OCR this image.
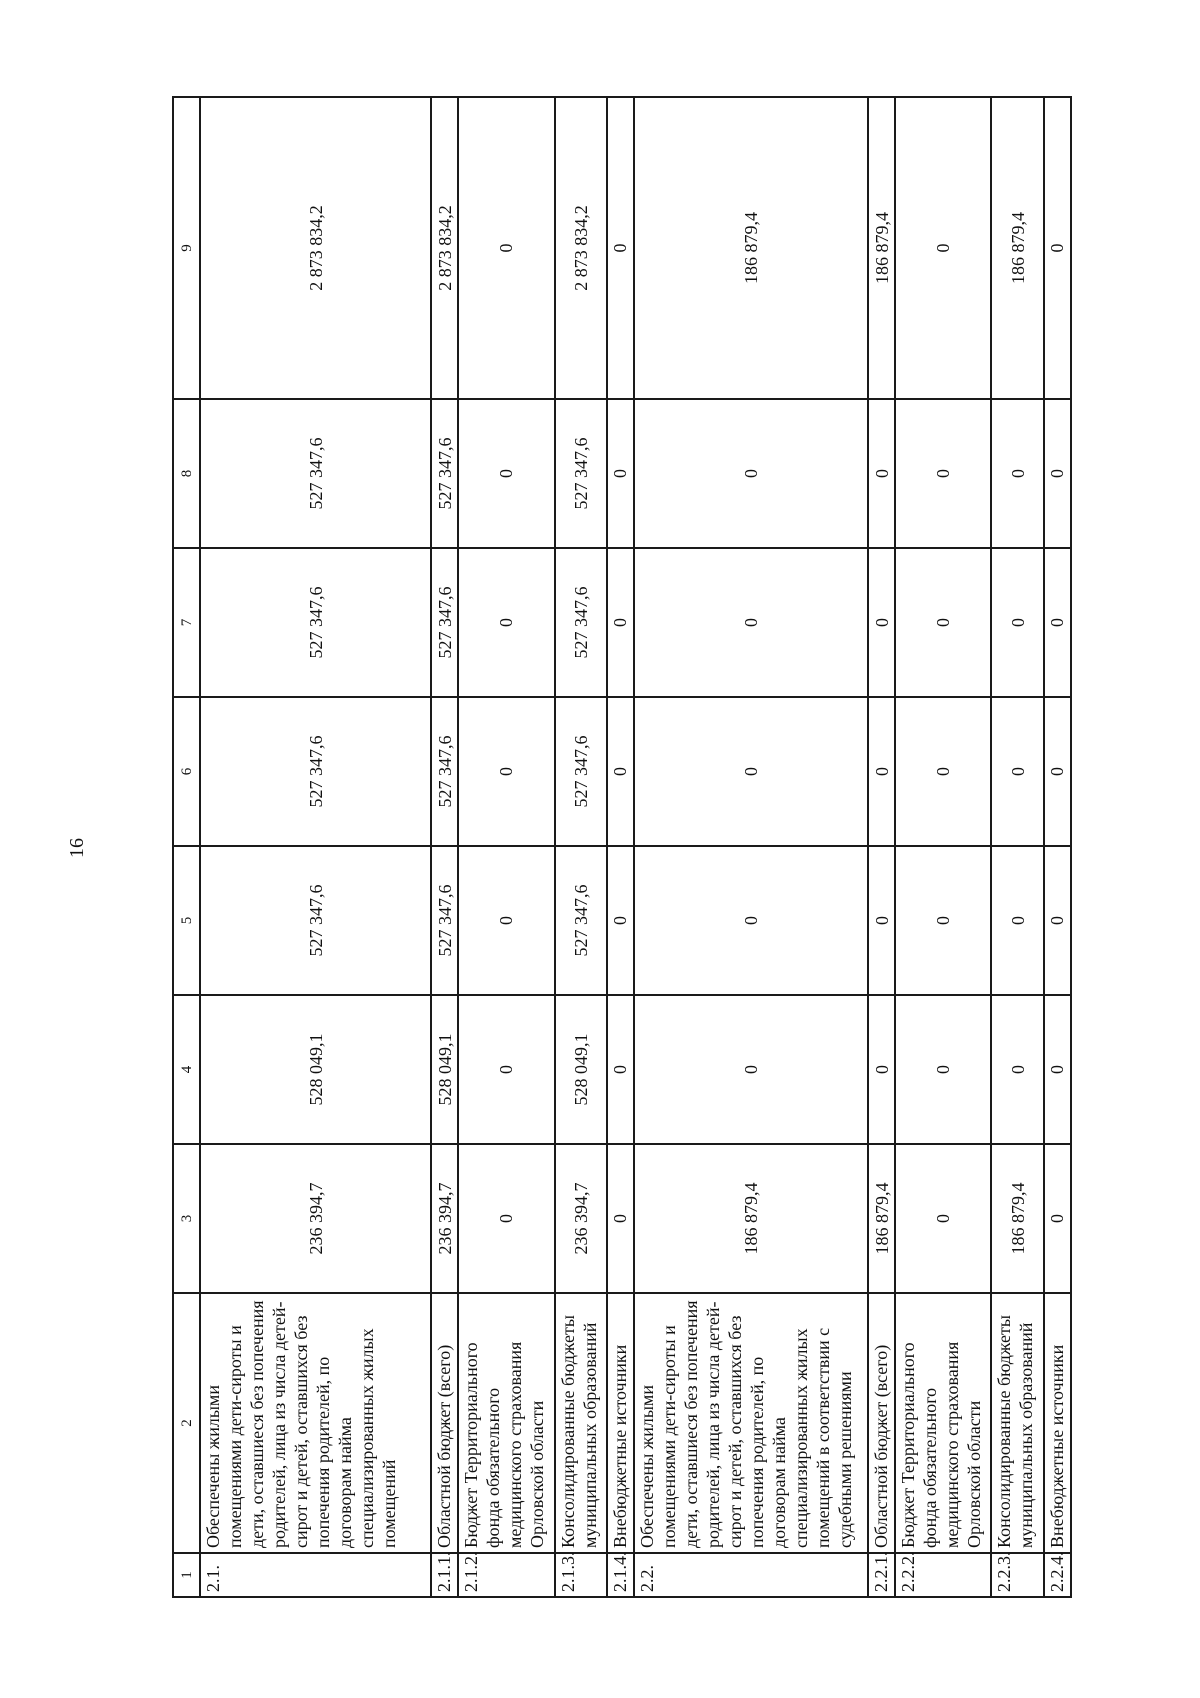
16
1	2	3	4	5	6	7	8	9
2.1.	Обеспечены жилыми помещениями дети-сироты и дети, оставшиеся без попечения родителей, лица из числа детей-сирот и детей, оставшихся без попечения родителей, по договорам найма специализированных жилых помещений	236 394,7	528 049,1	527 347,6	527 347,6	527 347,6	527 347,6	2 873 834,2
2.1.1.	Областной бюджет (всего)	236 394,7	528 049,1	527 347,6	527 347,6	527 347,6	527 347,6	2 873 834,2
2.1.2.	Бюджет Территориального фонда обязательного медицинского страхования Орловской области	0	0	0	0	0	0	0
2.1.3.	Консолидированные бюджеты муниципальных образований	236 394,7	528 049,1	527 347,6	527 347,6	527 347,6	527 347,6	2 873 834,2
2.1.4.	Внебюджетные источники	0	0	0	0	0	0	0
2.2.	Обеспечены жилыми помещениями дети-сироты и дети, оставшиеся без попечения родителей, лица из числа детей-сирот и детей, оставшихся без попечения родителей, по договорам найма специализированных жилых помещений в соответствии с судебными решениями	186 879,4	0	0	0	0	0	186 879,4
2.2.1.	Областной бюджет (всего)	186 879,4	0	0	0	0	0	186 879,4
2.2.2.	Бюджет Территориального фонда обязательного медицинского страхования Орловской области	0	0	0	0	0	0	0
2.2.3.	Консолидированные бюджеты муниципальных образований	186 879,4	0	0	0	0	0	186 879,4
2.2.4.	Внебюджетные источники	0	0	0	0	0	0	0
